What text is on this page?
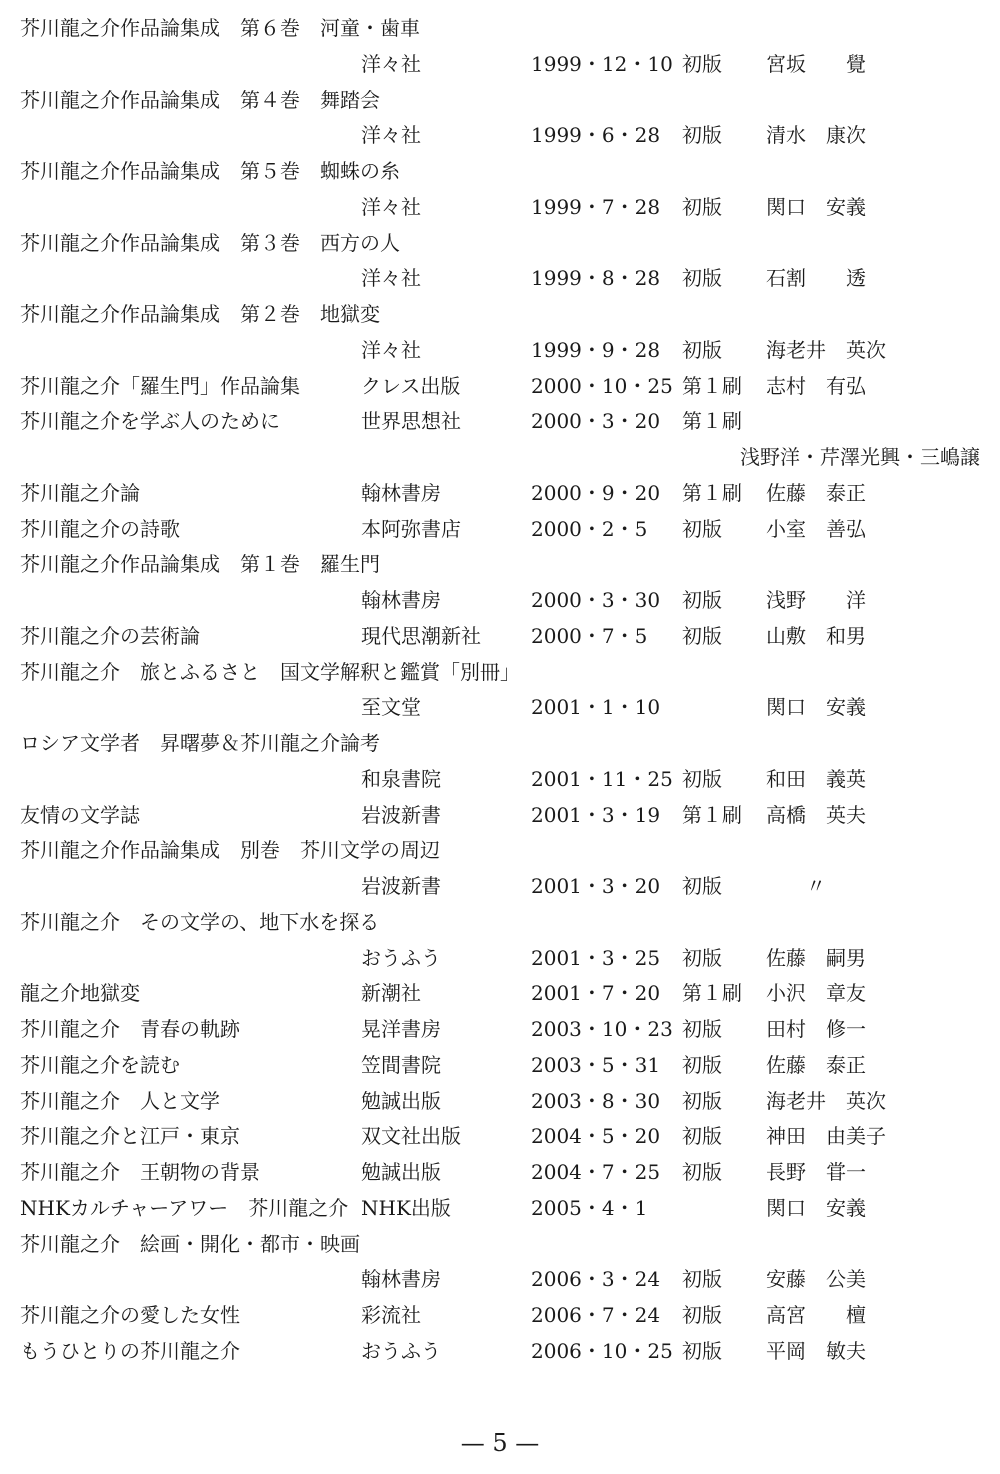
芥川龍之介作品論集成　第６巻　河童・歯車
洋々社	1999・12・10 初版 宮坂　　覺
芥川龍之介作品論集成　第４巻　舞踏会
洋々社	1999・6・28 初版 清水　康次
芥川龍之介作品論集成　第５巻　蜘蛛の糸
洋々社	1999・7・28 初版 関口　安義
芥川龍之介作品論集成　第３巻　西方の人
洋々社	1999・8・28 初版 石割　　透
芥川龍之介作品論集成　第２巻　地獄変
洋々社	1999・9・28 初版 海老井　英次
芥川龍之介「羅生門」作品論集	クレス出版	2000・10・25 第１刷 志村　有弘
芥川龍之介を学ぶ人のために	世界思想社	2000・3・20 第１刷
浅野洋・芹澤光興・三嶋譲
芥川龍之介論	翰林書房	2000・9・20 第１刷 佐藤　泰正
芥川龍之介の詩歌	本阿弥書店	2000・2・5 初版 小室　善弘
芥川龍之介作品論集成　第１巻　羅生門
翰林書房	2000・3・30 初版 浅野　　洋
芥川龍之介の芸術論	現代思潮新社	2000・7・5 初版 山敷　和男
芥川龍之介　旅とふるさと　国文学解釈と鑑賞「別冊」
至文堂	2001・1・10	関口　安義
ロシア文学者　昇曙夢＆芥川龍之介論考
和泉書院	2001・11・25 初版 和田　義英
友情の文学誌	岩波新書	2001・3・19 第１刷 高橋　英夫
芥川龍之介作品論集成　別巻　芥川文学の周辺
岩波新書	2001・3・20 初版 　　〃
芥川龍之介　その文学の、地下水を探る
おうふう	2001・3・25 初版 佐藤　嗣男
龍之介地獄変	新潮社	2001・7・20 第１刷 小沢　章友
芥川龍之介　青春の軌跡	晃洋書房	2003・10・23 初版 田村　修一
芥川龍之介を読む	笠間書院	2003・5・31 初版 佐藤　泰正
芥川龍之介　人と文学	勉誠出版	2003・8・30 初版 海老井　英次
芥川龍之介と江戸・東京	双文社出版	2004・5・20 初版 神田　由美子
芥川龍之介　王朝物の背景	勉誠出版	2004・7・25 初版 長野　甞一
NHKカルチャーアワー　芥川龍之介 NHK出版	2005・4・1	関口　安義
芥川龍之介　絵画・開化・都市・映画
翰林書房	2006・3・24 初版 安藤　公美
芥川龍之介の愛した女性	彩流社	2006・7・24 初版 高宮　　檀
もうひとりの芥川龍之介	おうふう	2006・10・25 初版 平岡　敏夫
— 5 —
